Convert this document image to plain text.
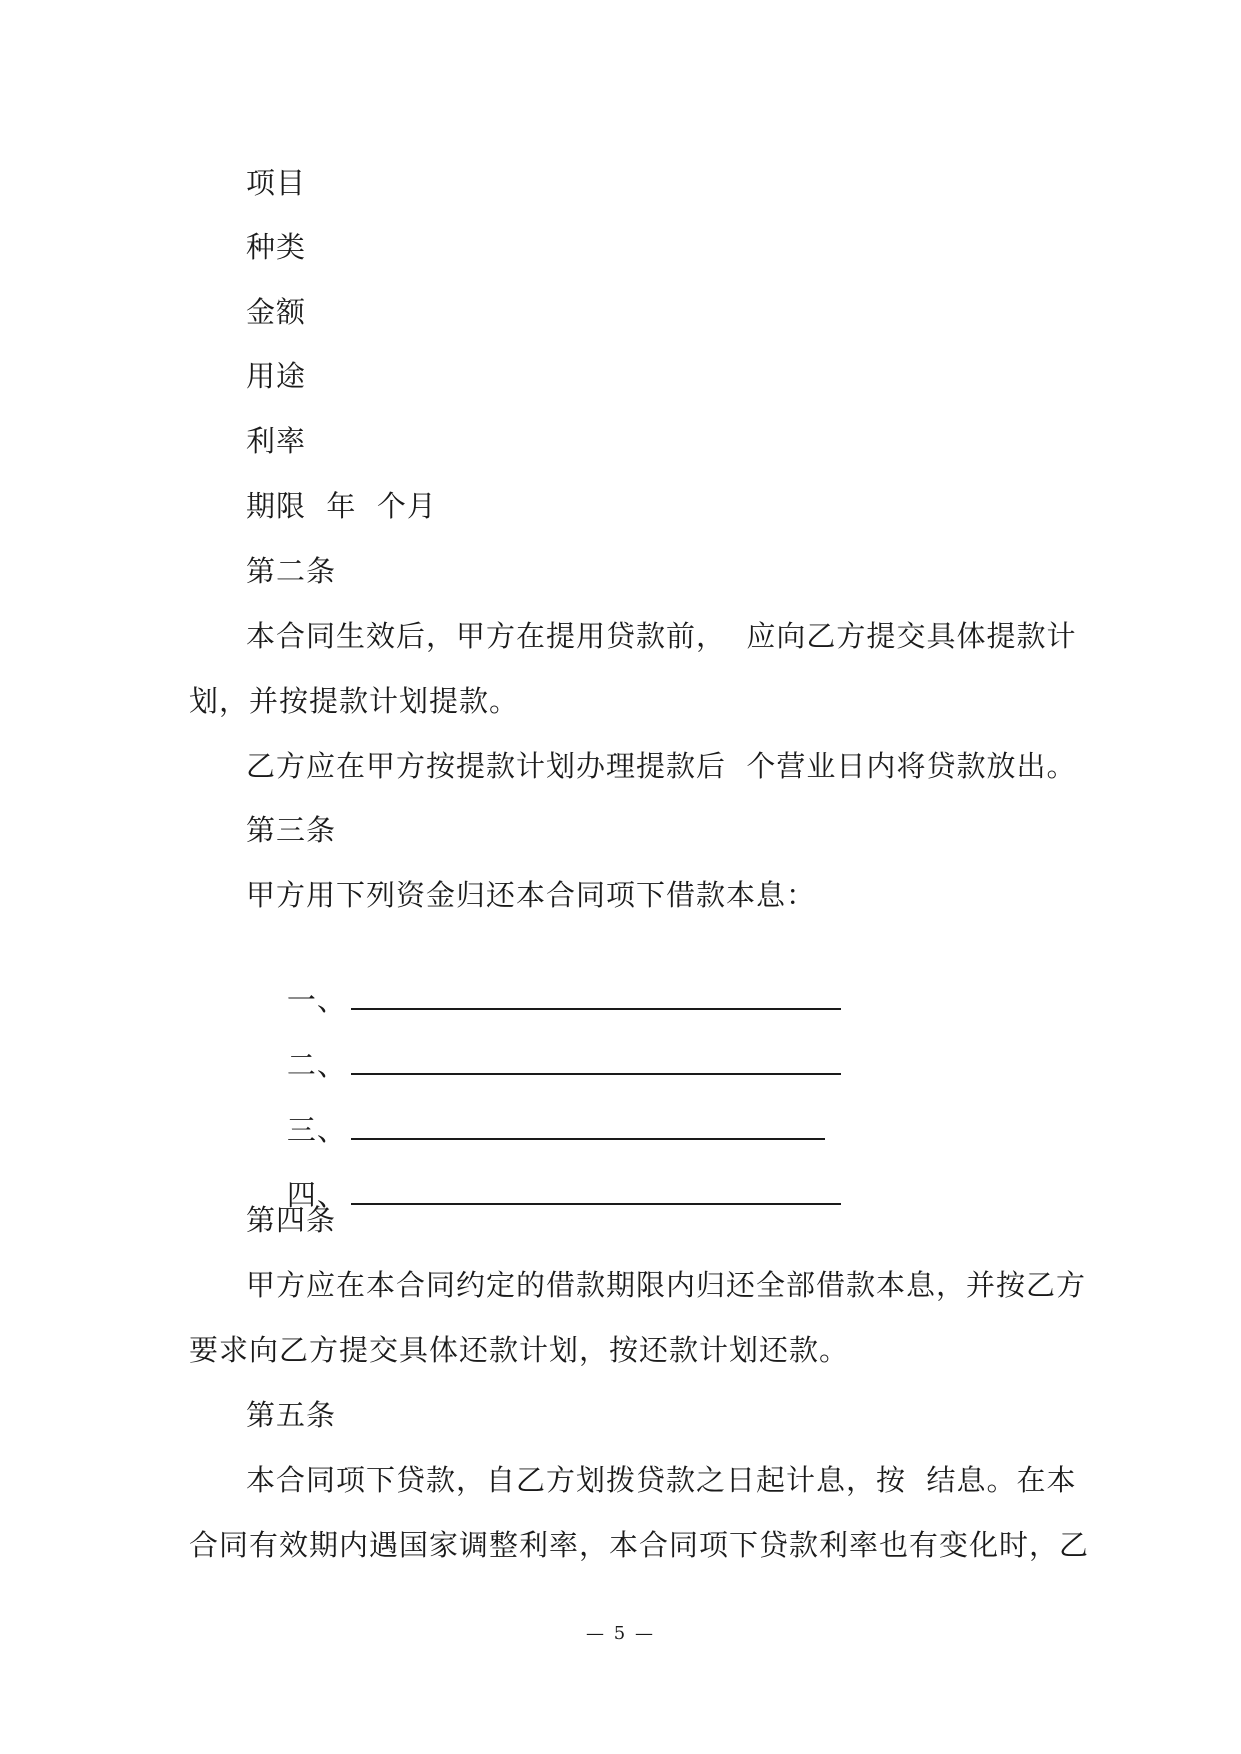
项目
种类
金额
用途
利率
期限  年  个月
第二条
本合同生效后，甲方在提用贷款前，  应向乙方提交具体提款计
划，并按提款计划提款。
乙方应在甲方按提款计划办理提款后  个营业日内将贷款放出。
第三条
甲方用下列资金归还本合同项下借款本息：

一、

二、

三、

四、

第四条
甲方应在本合同约定的借款期限内归还全部借款本息，并按乙方
要求向乙方提交具体还款计划，按还款计划还款。
第五条
本合同项下贷款，自乙方划拨贷款之日起计息，按  结息。在本
合同有效期内遇国家调整利率，本合同项下贷款利率也有变化时，乙
— 5 —
